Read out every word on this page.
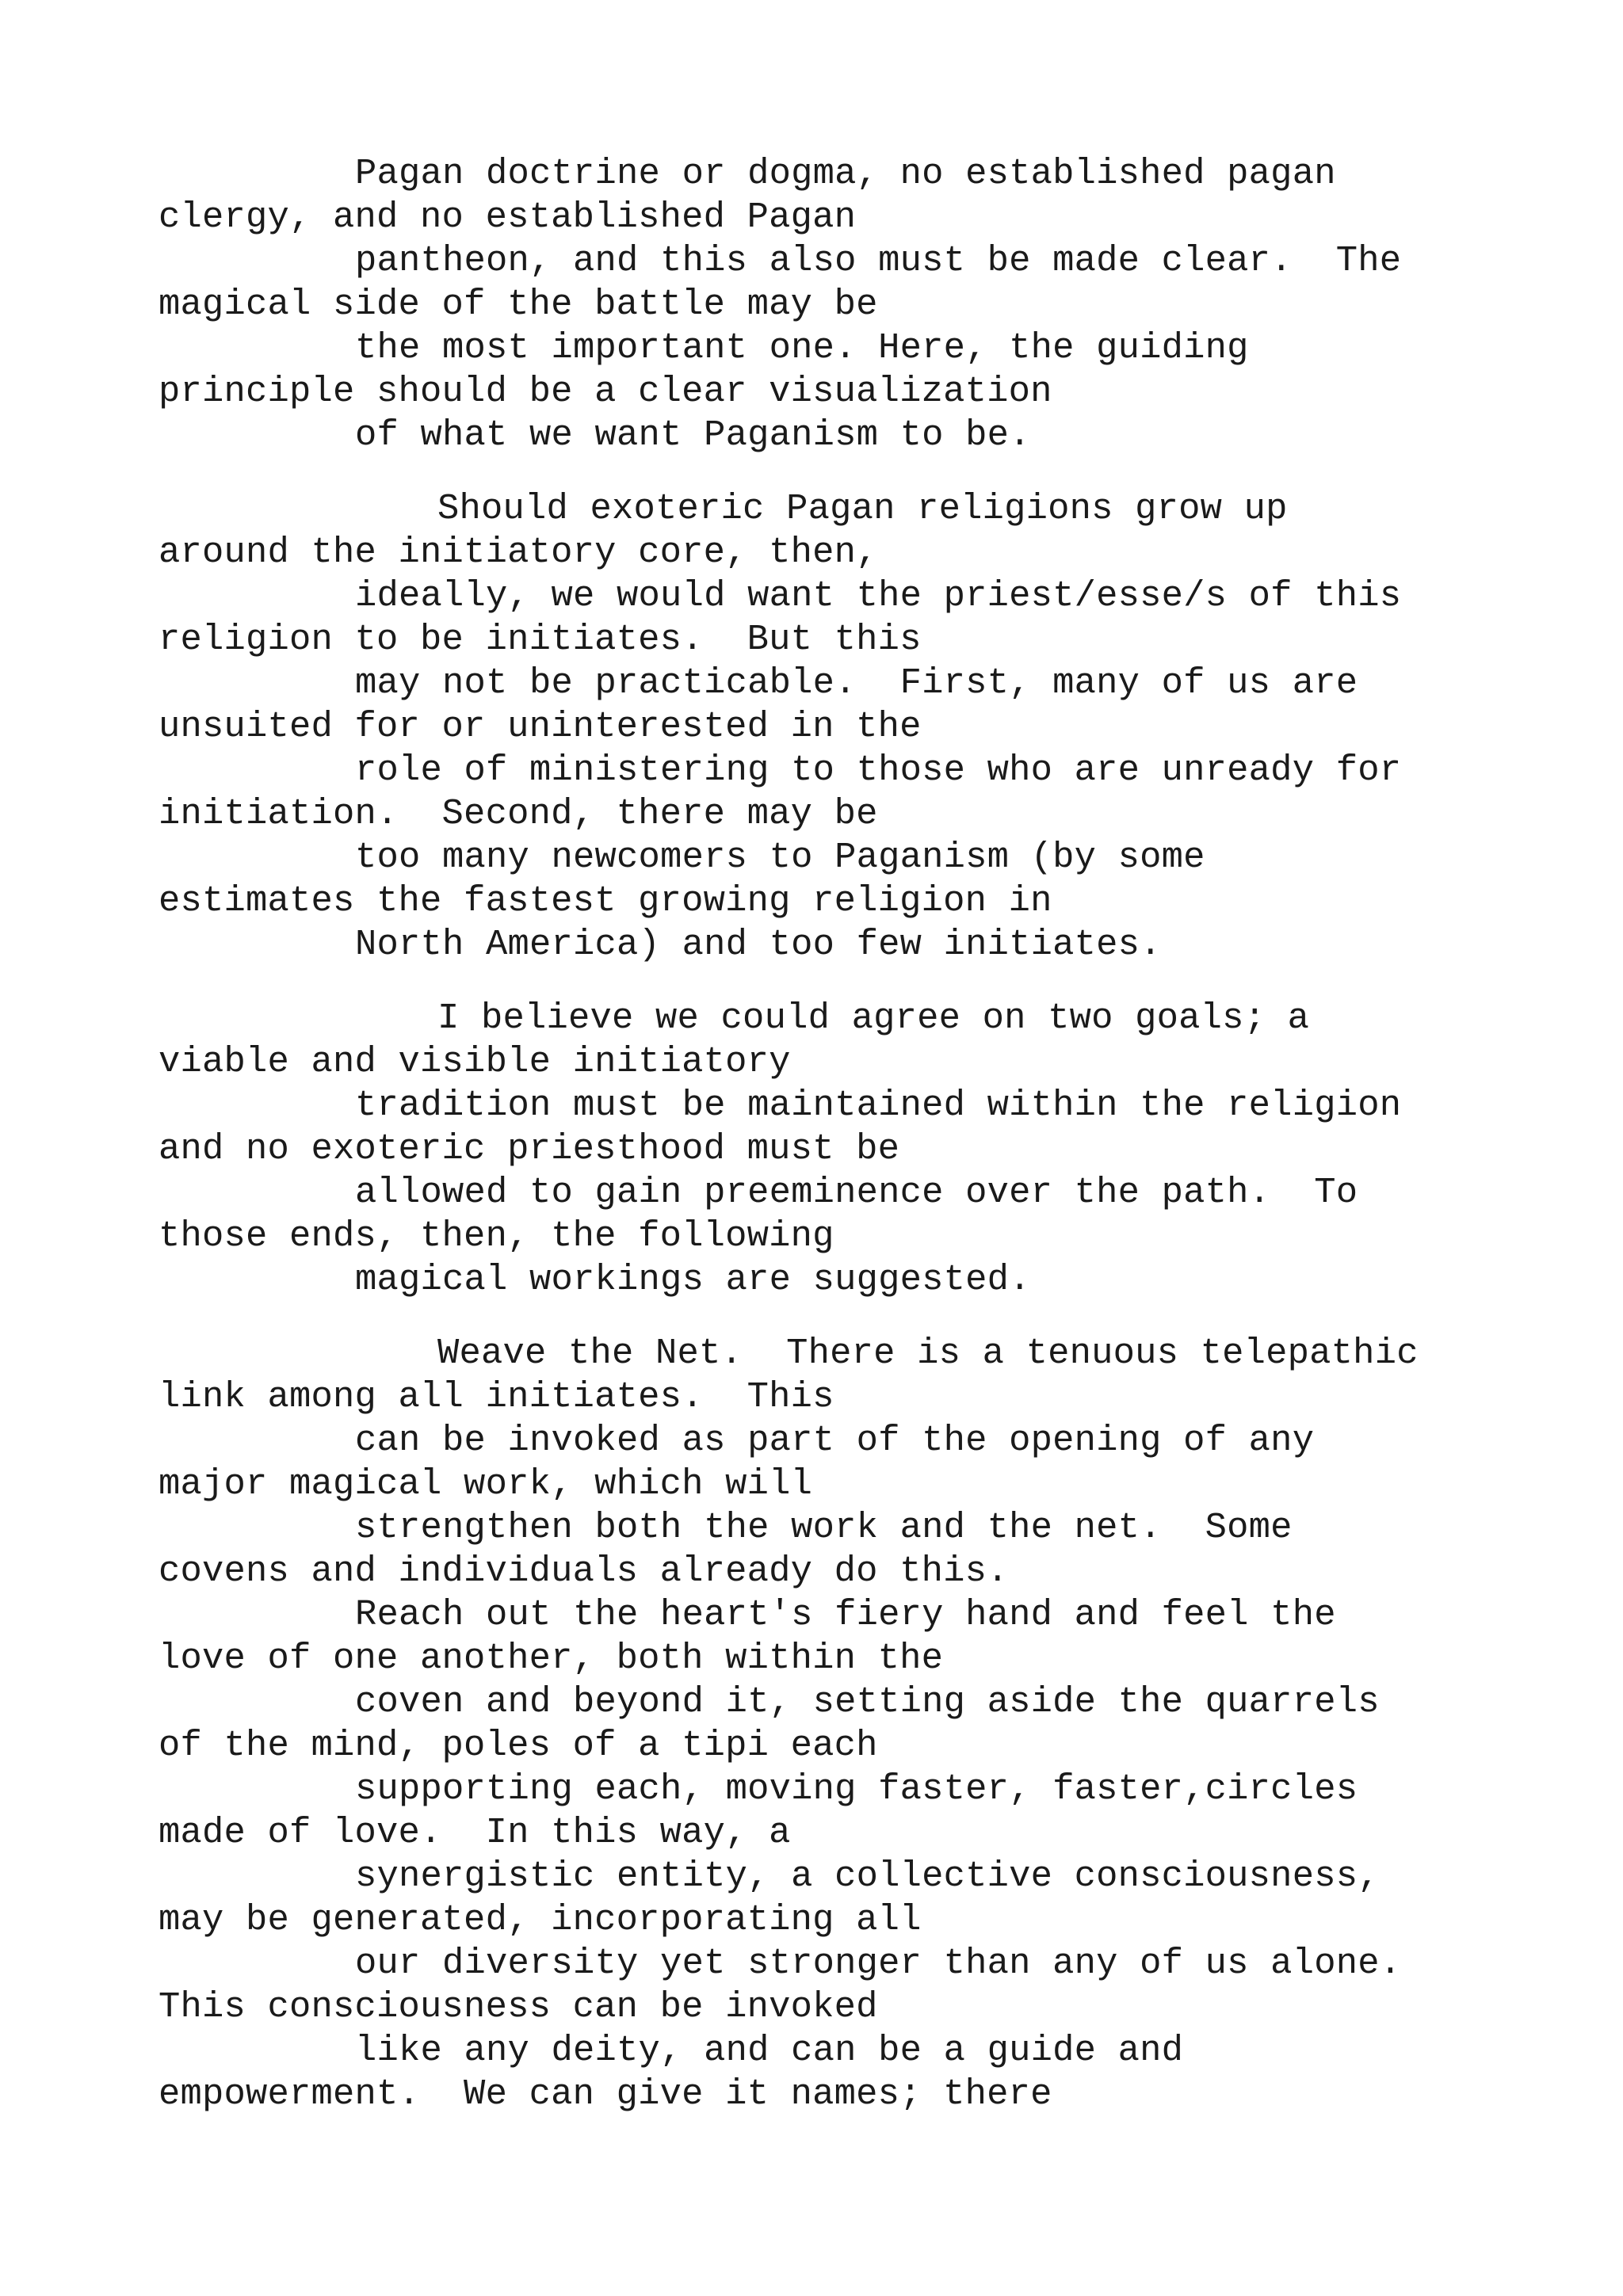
Pagan doctrine or dogma, no established pagan
clergy, and no established Pagan
pantheon, and this also must be made clear.  The
magical side of the battle may be
the most important one. Here, the guiding
principle should be a clear visualization
of what we want Paganism to be.
Should exoteric Pagan religions grow up
around the initiatory core, then,
ideally, we would want the priest/esse/s of this
religion to be initiates.  But this
may not be practicable.  First, many of us are
unsuited for or uninterested in the
role of ministering to those who are unready for
initiation.  Second, there may be
too many newcomers to Paganism (by some
estimates the fastest growing religion in
North America) and too few initiates.
I believe we could agree on two goals; a
viable and visible initiatory
tradition must be maintained within the religion
and no exoteric priesthood must be
allowed to gain preeminence over the path.  To
those ends, then, the following
magical workings are suggested.
Weave the Net.  There is a tenuous telepathic
link among all initiates.  This
can be invoked as part of the opening of any
major magical work, which will
strengthen both the work and the net.  Some
covens and individuals already do this.
Reach out the heart's fiery hand and feel the
love of one another, both within the
coven and beyond it, setting aside the quarrels
of the mind, poles of a tipi each
supporting each, moving faster, faster,circles
made of love.  In this way, a
synergistic entity, a collective consciousness,
may be generated, incorporating all
our diversity yet stronger than any of us alone.
This consciousness can be invoked
like any deity, and can be a guide and
empowerment.  We can give it names; there
